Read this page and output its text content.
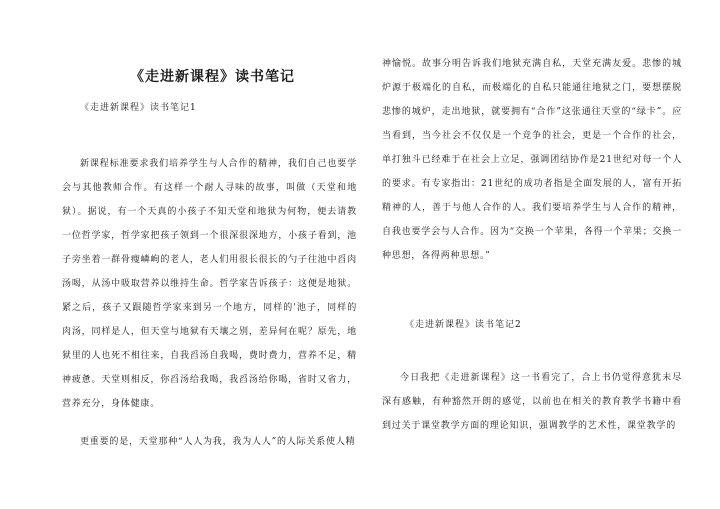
《走进新课程》读书笔记
《走进新课程》读书笔记1
新课程标准要求我们培养学生与人合作的精神，我们自己也要学会与其他教师合作。有这样一个耐人寻味的故事，叫做（天堂和地狱）。据说，有一个天真的小孩子不知天堂和地狱为何物，便去请教一位哲学家，哲学家把孩子领到一个很深很深地方，小孩子看到，池子旁坐着一群骨瘦嶙峋的老人，老人们用很长很长的勺子往池中舀肉汤喝，从汤中吸取营养以维持生命。哲学家告诉孩子：这便是地狱。紧之后，孩子又跟随哲学家来到另一个地方，同样的'池子，同样的肉汤，同样是人，但天堂与地狱有天壤之别，差异何在呢？原先，地狱里的人也死不相往来，自我舀汤自我喝，费时费力，营养不足，精神疲惫。天堂则相反，你舀汤给我喝，我舀汤给你喝，省时又省力，营养充分，身体健康。
更重要的是，天堂那种“人人为我，我为人人”的人际关系使人精
神愉悦。故事分明告诉我们地狱充满自私，天堂充满友爱。悲惨的城炉源于极端化的自私，而极端化的自私只能通往地狱之门，要想摆脱悲惨的城炉，走出地狱，就要拥有“合作”这张通往天堂的“绿卡”。应当看到，当今社会不仅仅是一个竞争的社会，更是一个合作的社会，单打独斗已经难于在社会上立足，强调团结协作是21世纪对每一个人的要求。有专家指出：21世纪的成功者指是全面发展的人，富有开拓精神的人，善于与他人合作的人。我们要培养学生与人合作的精神，自我也要学会与人合作。因为“交换一个苹果，各得一个苹果；交换一种思想，各得两种思想。”
《走进新课程》读书笔记2
今日我把《走进新课程》这一书看完了，合上书仍觉得意犹未尽深有感触，有种豁然开朗的感觉，以前也在相关的教育教学书籍中看到过关于课堂教学方面的理论知识，强调教学的艺术性，课堂教学的
